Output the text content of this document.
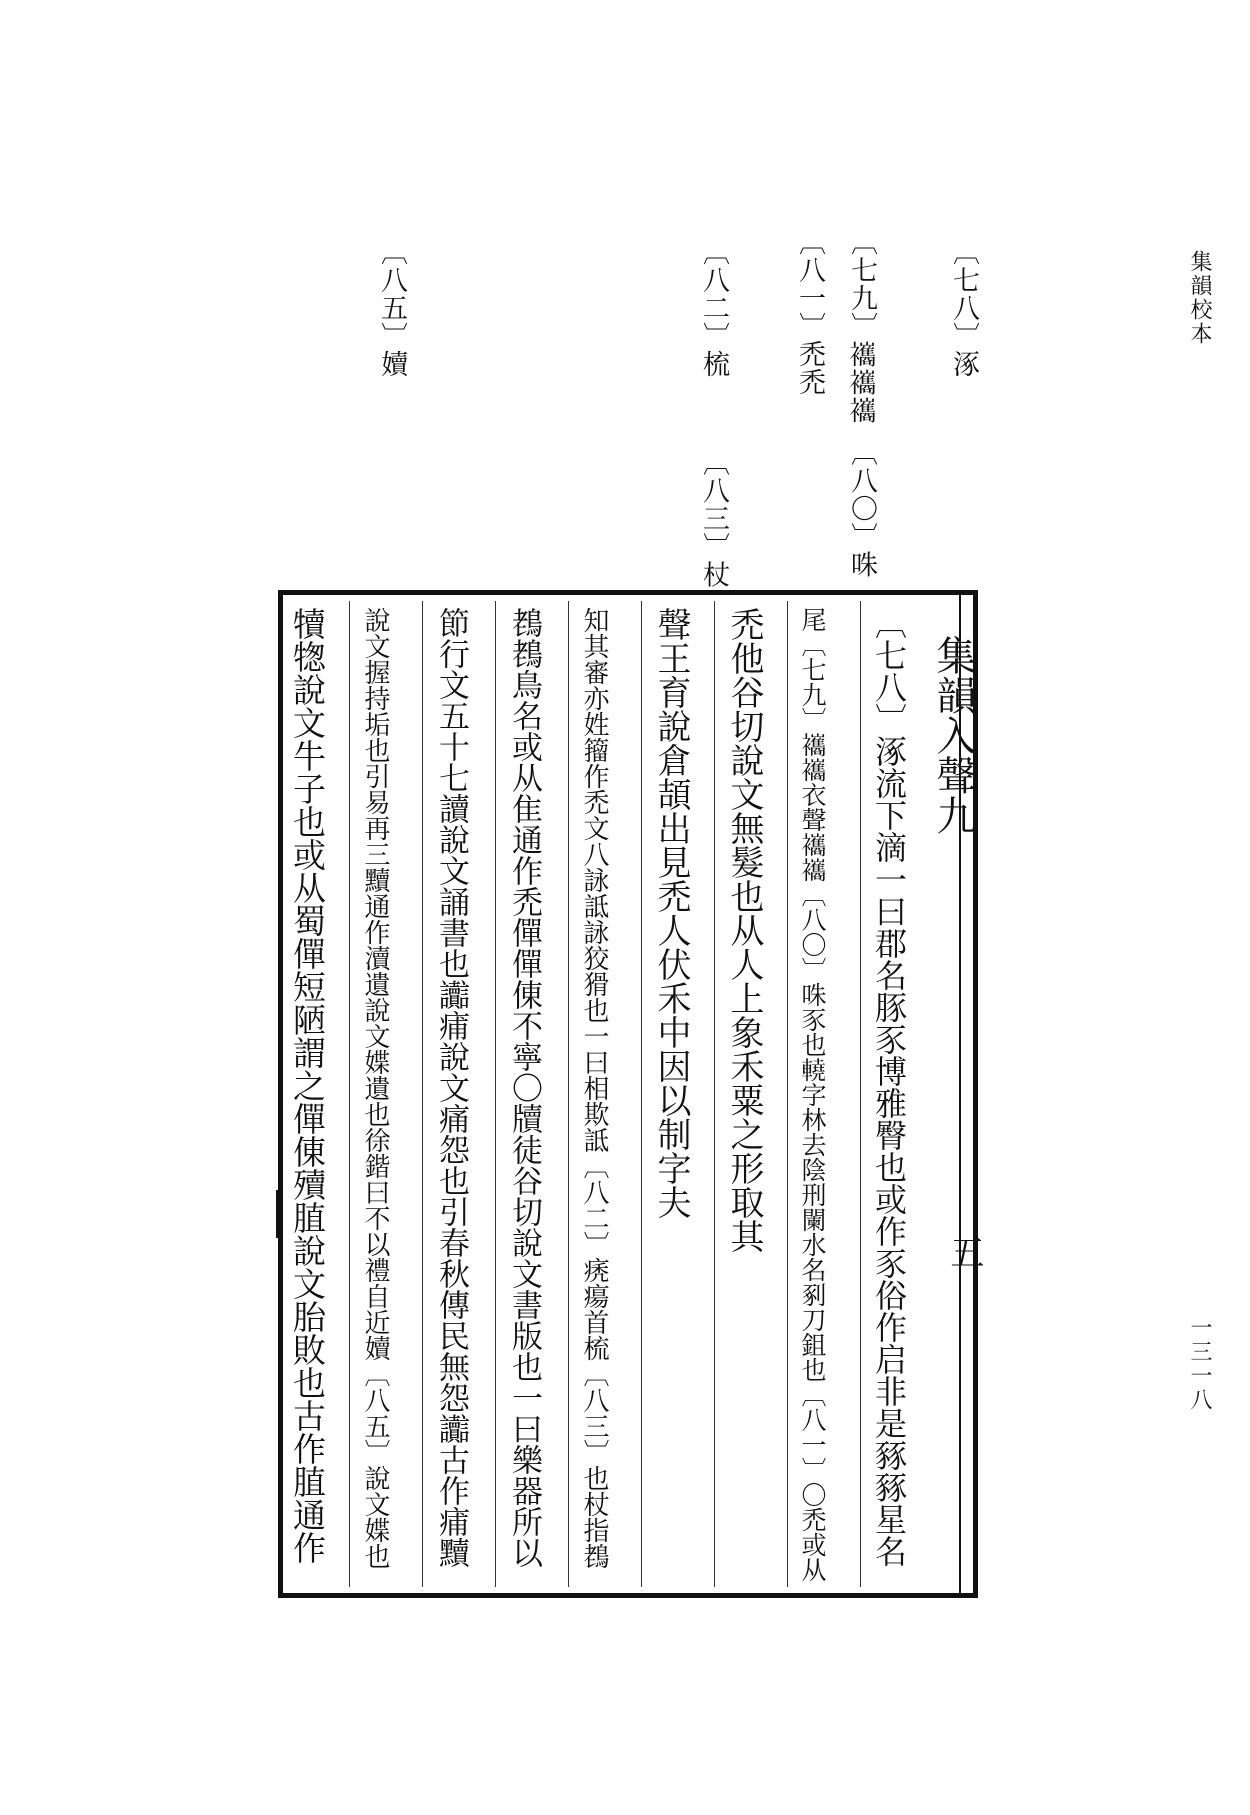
集韻校本
一三一八
〔七八〕涿
〔七九〕𧟃𧟃𧟃　〔八〇〕咮
〔八一〕禿禿
〔八二〕梳　　　〔八三〕杖
〔八五〕嬻
集韻入聲九
五
〔七八〕涿流下滴一曰郡名豚豕博雅臀也或作豕俗作启非是豩豩星名
尾〔七九〕𧟃𧟃衣聲𧟃𧟃〔八〇〕咮豕也𨎬字林去陰刑闌水名剢刀鉏也〔八一〕〇禿或从
禿他谷切說文無髮也从人上象禾粟之形取其
聲王育說倉頡出見禿人伏禾中因以制字夫
知其審亦姓籀作禿文八詠詆詠狡猾也一曰相欺詆〔八二〕痜瘍首梳〔八三〕也杖指䳓
䳓䳓鳥名或从隹通作禿僤僤倲不寧〇牘徒谷切說文書版也一曰樂器所以
節行文五十七讀說文誦書也讟痡說文痛怨也引春秋傳民無怨讟古作痡黷
說文握持垢也引易再三黷通作瀆遺說文媟遺也徐鍇曰不以禮自近嬻〔八五〕說文媟也
犢㹅說文牛子也或从蜀僤短陋謂之僤倲殰䐈說文胎敗也古作䐈通作
